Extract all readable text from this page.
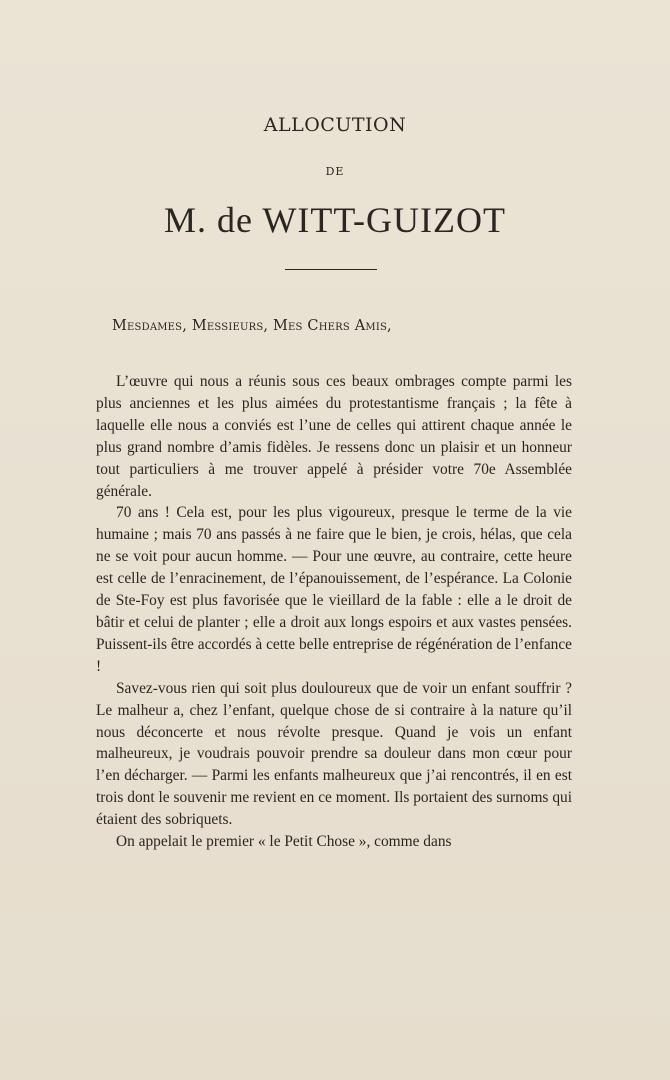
ALLOCUTION
DE
M. de WITT-GUIZOT
Mesdames, Messieurs, Mes Chers Amis,

L’œuvre qui nous a réunis sous ces beaux ombrages compte parmi les plus anciennes et les plus aimées du protestantisme français ; la fête à laquelle elle nous a conviés est l’une de celles qui attirent chaque année le plus grand nombre d’amis fidèles. Je ressens donc un plaisir et un honneur tout particuliers à me trouver appelé à présider votre 70e Assemblée générale.

70 ans ! Cela est, pour les plus vigoureux, presque le terme de la vie humaine ; mais 70 ans passés à ne faire que le bien, je crois, hélas, que cela ne se voit pour aucun homme. — Pour une œuvre, au contraire, cette heure est celle de l’enracinement, de l’épanouissement, de l’espérance. La Colonie de Ste-Foy est plus favorisée que le vieillard de la fable : elle a le droit de bâtir et celui de planter ; elle a droit aux longs espoirs et aux vastes pensées. Puissent-ils être accordés à cette belle entreprise de régénération de l’enfance !

Savez-vous rien qui soit plus douloureux que de voir un enfant souffrir ? Le malheur a, chez l’enfant, quelque chose de si contraire à la nature qu’il nous déconcerte et nous révolte presque. Quand je vois un enfant malheureux, je voudrais pouvoir prendre sa douleur dans mon cœur pour l’en décharger. — Parmi les enfants malheureux que j’ai rencontrés, il en est trois dont le souvenir me revient en ce moment. Ils portaient des surnoms qui étaient des sobriquets.

On appelait le premier « le Petit Chose », comme dans
